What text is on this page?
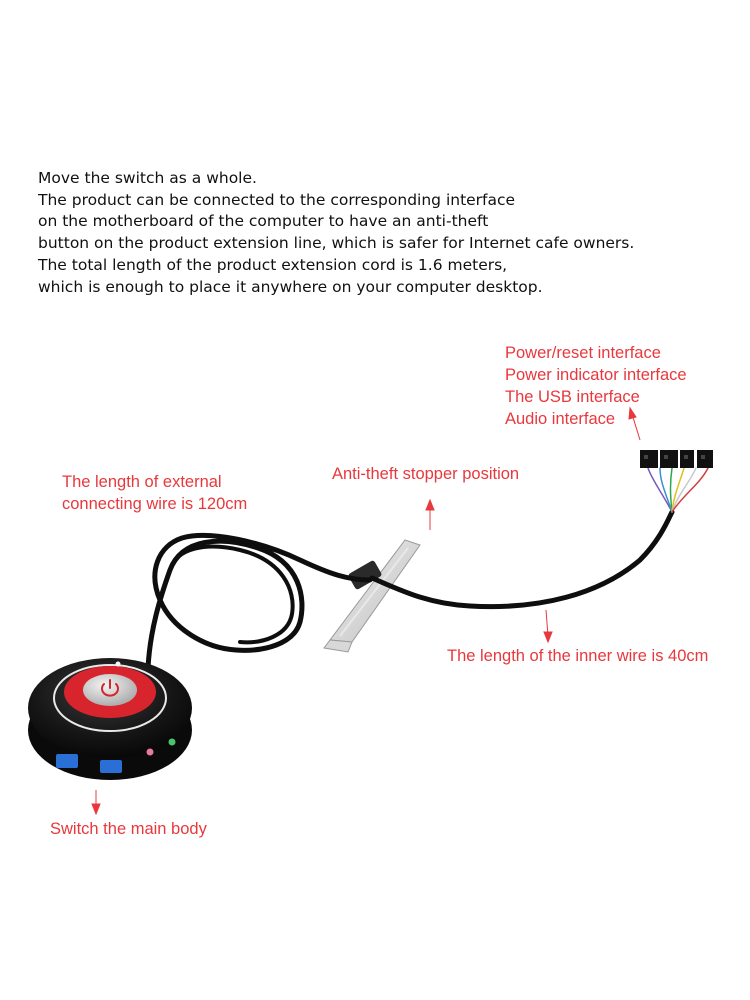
Move the switch as a whole.
The product can be connected to the corresponding interface
on the motherboard of the computer to have an anti-theft
button on the product extension line, which is safer for Internet cafe owners.
The total length of the product extension cord is 1.6 meters,
which is enough to place it anywhere on your computer desktop.
Power/reset interface
Power indicator interface
The USB interface
Audio interface
The length of external
connecting wire is 120cm
Anti-theft stopper position
The length of the inner wire is 40cm
Switch the main body
